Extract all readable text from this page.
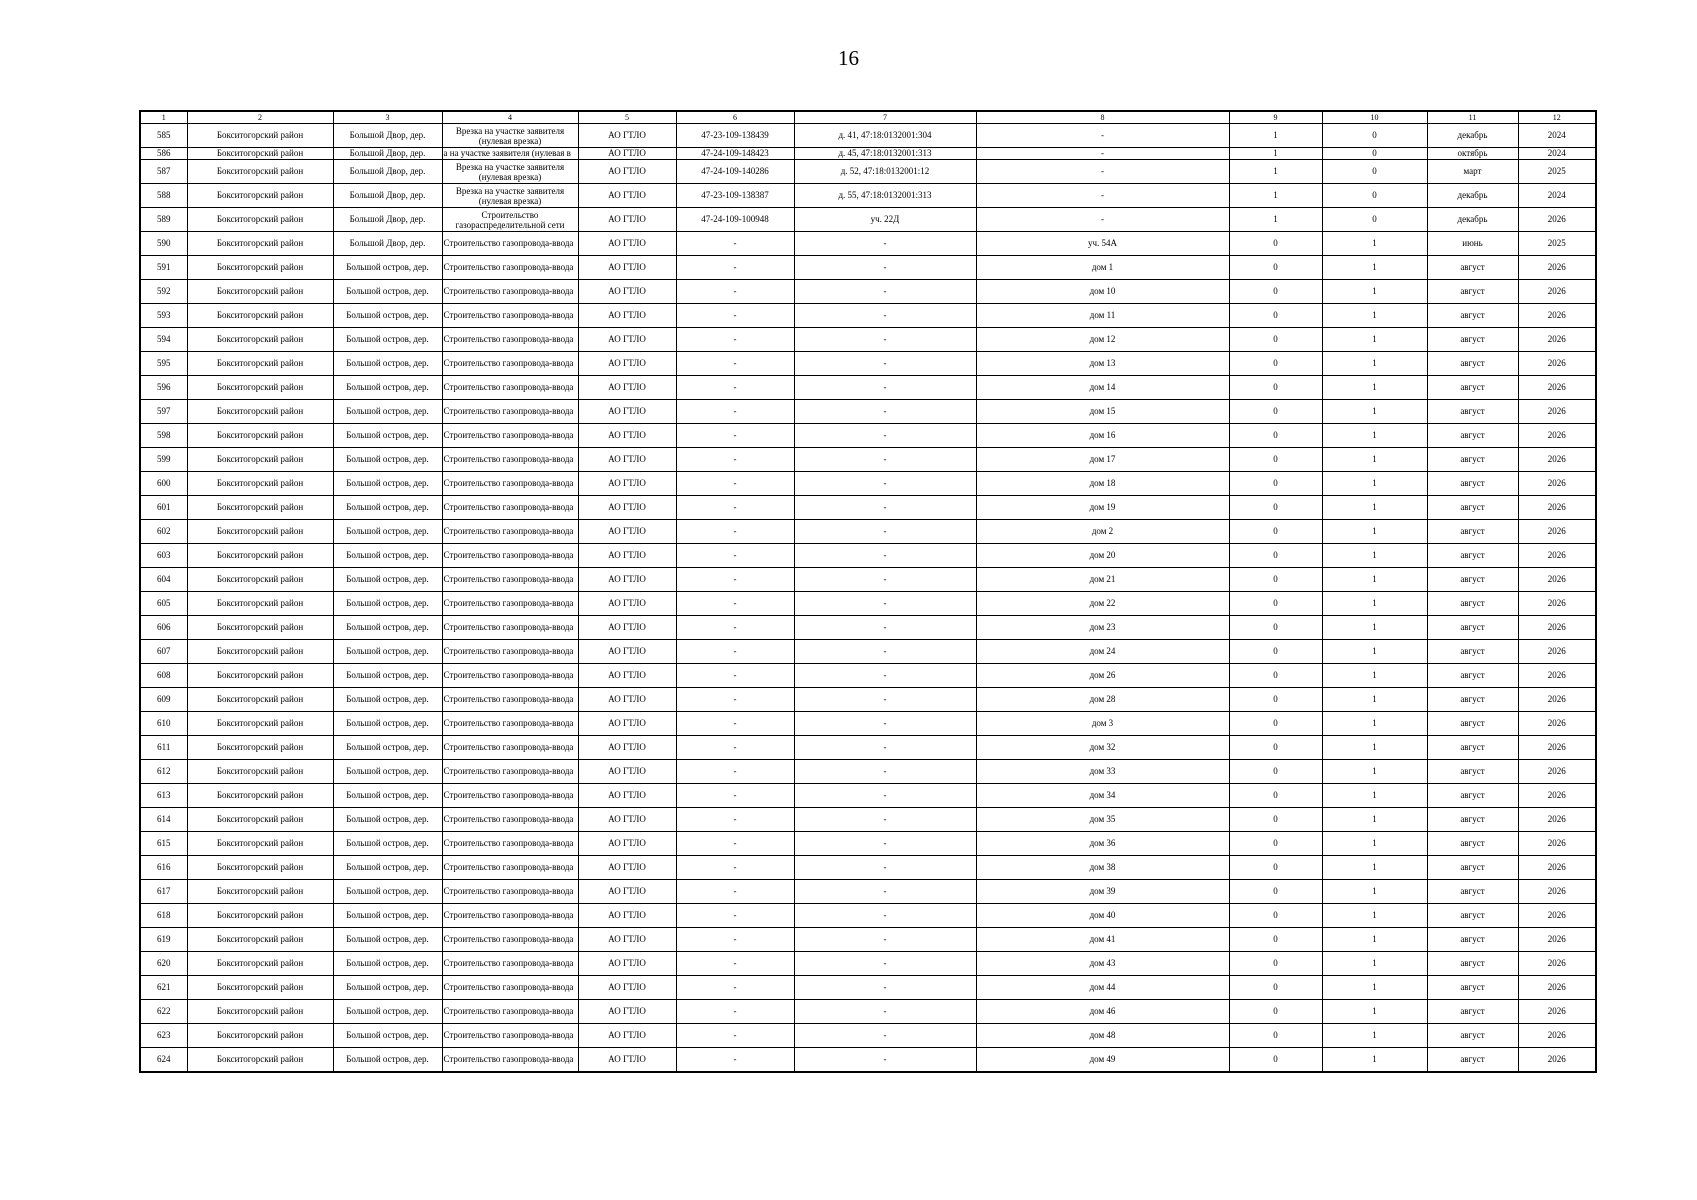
16
1	2	3	4	5	6	7	8	9	10	11	12
585	Бокситогорский район	Большой Двор, дер.	Врезка на участке заявителя (нулевая врезка)	АО ГТЛО	47-23-109-138439	д. 41, 47:18:0132001:304	-	1	0	декабрь	2024
586	Бокситогорский район	Большой Двор, дер.	а на участке заявителя (нулевая в	АО ГТЛО	47-24-109-148423	д. 45, 47:18:0132001:313	-	1	0	октябрь	2024
587	Бокситогорский район	Большой Двор, дер.	Врезка на участке заявителя (нулевая врезка)	АО ГТЛО	47-24-109-140286	д. 52, 47:18:0132001:12	-	1	0	март	2025
588	Бокситогорский район	Большой Двор, дер.	Врезка на участке заявителя (нулевая врезка)	АО ГТЛО	47-23-109-138387	д. 55, 47:18:0132001:313	-	1	0	декабрь	2024
589	Бокситогорский район	Большой Двор, дер.	Строительство газораспределительной сети	АО ГТЛО	47-24-109-100948	уч. 22Д	-	1	0	декабрь	2026
590	Бокситогорский район	Большой Двор, дер.	Строительство газопровода-ввода	АО ГТЛО	-	-	уч. 54А	0	1	июнь	2025
591	Бокситогорский район	Большой остров, дер.	Строительство газопровода-ввода	АО ГТЛО	-	-	дом 1	0	1	август	2026
592	Бокситогорский район	Большой остров, дер.	Строительство газопровода-ввода	АО ГТЛО	-	-	дом 10	0	1	август	2026
593	Бокситогорский район	Большой остров, дер.	Строительство газопровода-ввода	АО ГТЛО	-	-	дом 11	0	1	август	2026
594	Бокситогорский район	Большой остров, дер.	Строительство газопровода-ввода	АО ГТЛО	-	-	дом 12	0	1	август	2026
595	Бокситогорский район	Большой остров, дер.	Строительство газопровода-ввода	АО ГТЛО	-	-	дом 13	0	1	август	2026
596	Бокситогорский район	Большой остров, дер.	Строительство газопровода-ввода	АО ГТЛО	-	-	дом 14	0	1	август	2026
597	Бокситогорский район	Большой остров, дер.	Строительство газопровода-ввода	АО ГТЛО	-	-	дом 15	0	1	август	2026
598	Бокситогорский район	Большой остров, дер.	Строительство газопровода-ввода	АО ГТЛО	-	-	дом 16	0	1	август	2026
599	Бокситогорский район	Большой остров, дер.	Строительство газопровода-ввода	АО ГТЛО	-	-	дом 17	0	1	август	2026
600	Бокситогорский район	Большой остров, дер.	Строительство газопровода-ввода	АО ГТЛО	-	-	дом 18	0	1	август	2026
601	Бокситогорский район	Большой остров, дер.	Строительство газопровода-ввода	АО ГТЛО	-	-	дом 19	0	1	август	2026
602	Бокситогорский район	Большой остров, дер.	Строительство газопровода-ввода	АО ГТЛО	-	-	дом 2	0	1	август	2026
603	Бокситогорский район	Большой остров, дер.	Строительство газопровода-ввода	АО ГТЛО	-	-	дом 20	0	1	август	2026
604	Бокситогорский район	Большой остров, дер.	Строительство газопровода-ввода	АО ГТЛО	-	-	дом 21	0	1	август	2026
605	Бокситогорский район	Большой остров, дер.	Строительство газопровода-ввода	АО ГТЛО	-	-	дом 22	0	1	август	2026
606	Бокситогорский район	Большой остров, дер.	Строительство газопровода-ввода	АО ГТЛО	-	-	дом 23	0	1	август	2026
607	Бокситогорский район	Большой остров, дер.	Строительство газопровода-ввода	АО ГТЛО	-	-	дом 24	0	1	август	2026
608	Бокситогорский район	Большой остров, дер.	Строительство газопровода-ввода	АО ГТЛО	-	-	дом 26	0	1	август	2026
609	Бокситогорский район	Большой остров, дер.	Строительство газопровода-ввода	АО ГТЛО	-	-	дом 28	0	1	август	2026
610	Бокситогорский район	Большой остров, дер.	Строительство газопровода-ввода	АО ГТЛО	-	-	дом 3	0	1	август	2026
611	Бокситогорский район	Большой остров, дер.	Строительство газопровода-ввода	АО ГТЛО	-	-	дом 32	0	1	август	2026
612	Бокситогорский район	Большой остров, дер.	Строительство газопровода-ввода	АО ГТЛО	-	-	дом 33	0	1	август	2026
613	Бокситогорский район	Большой остров, дер.	Строительство газопровода-ввода	АО ГТЛО	-	-	дом 34	0	1	август	2026
614	Бокситогорский район	Большой остров, дер.	Строительство газопровода-ввода	АО ГТЛО	-	-	дом 35	0	1	август	2026
615	Бокситогорский район	Большой остров, дер.	Строительство газопровода-ввода	АО ГТЛО	-	-	дом 36	0	1	август	2026
616	Бокситогорский район	Большой остров, дер.	Строительство газопровода-ввода	АО ГТЛО	-	-	дом 38	0	1	август	2026
617	Бокситогорский район	Большой остров, дер.	Строительство газопровода-ввода	АО ГТЛО	-	-	дом 39	0	1	август	2026
618	Бокситогорский район	Большой остров, дер.	Строительство газопровода-ввода	АО ГТЛО	-	-	дом 40	0	1	август	2026
619	Бокситогорский район	Большой остров, дер.	Строительство газопровода-ввода	АО ГТЛО	-	-	дом 41	0	1	август	2026
620	Бокситогорский район	Большой остров, дер.	Строительство газопровода-ввода	АО ГТЛО	-	-	дом 43	0	1	август	2026
621	Бокситогорский район	Большой остров, дер.	Строительство газопровода-ввода	АО ГТЛО	-	-	дом 44	0	1	август	2026
622	Бокситогорский район	Большой остров, дер.	Строительство газопровода-ввода	АО ГТЛО	-	-	дом 46	0	1	август	2026
623	Бокситогорский район	Большой остров, дер.	Строительство газопровода-ввода	АО ГТЛО	-	-	дом 48	0	1	август	2026
624	Бокситогорский район	Большой остров, дер.	Строительство газопровода-ввода	АО ГТЛО	-	-	дом 49	0	1	август	2026
